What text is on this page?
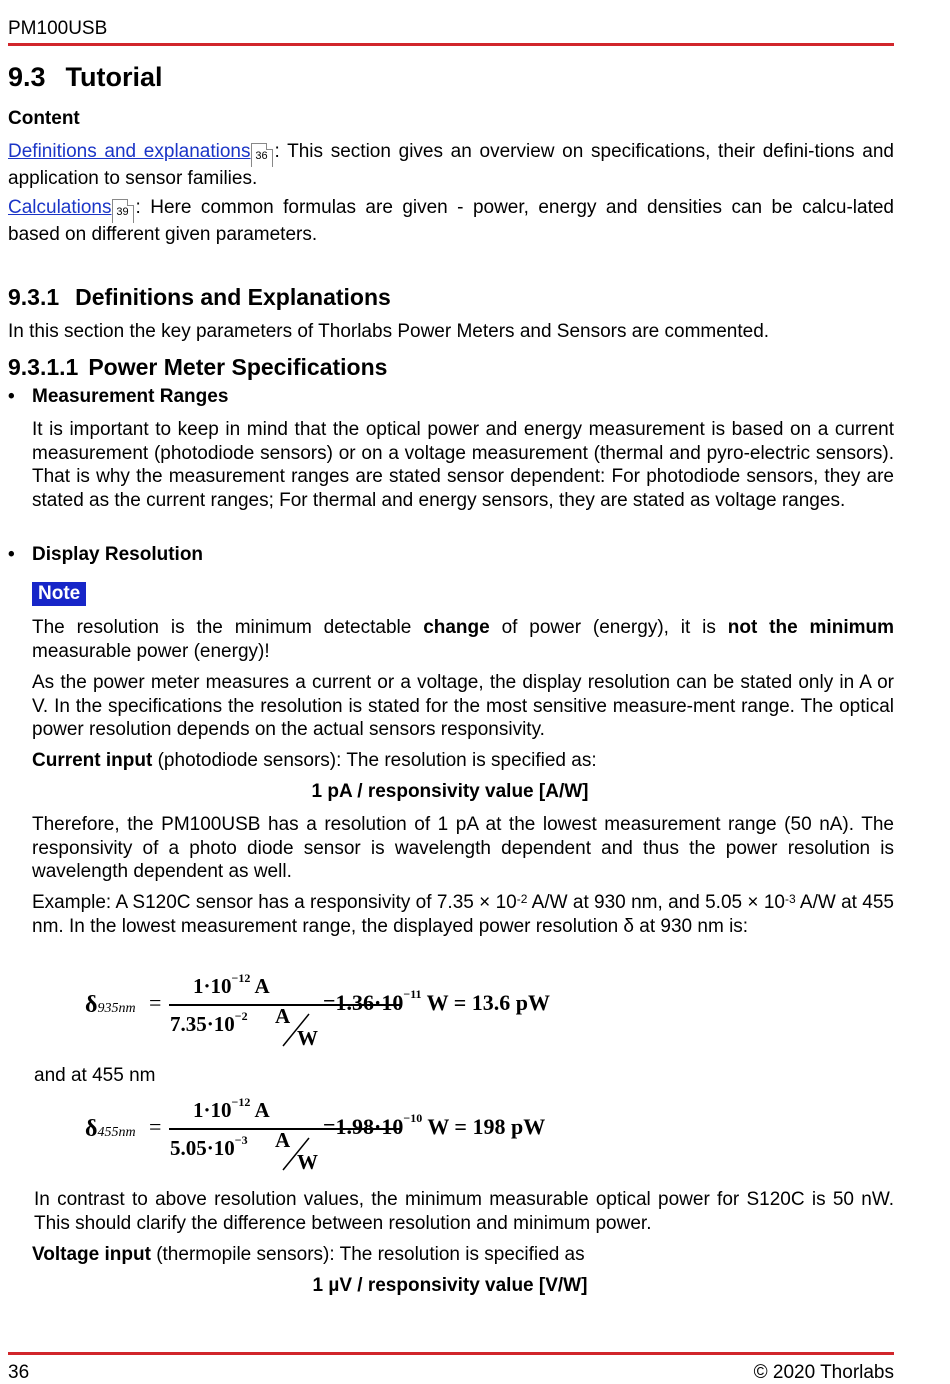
PM100USB
9.3 Tutorial
Content
Definitions and explanations 36 : This section gives an overview on specifications, their defini-tions and application to sensor families.
Calculations 39 : Here common formulas are given - power, energy and densities can be calcu-lated based on different given parameters.
9.3.1 Definitions and Explanations
In this section the key parameters of Thorlabs Power Meters and Sensors are commented.
9.3.1.1 Power Meter Specifications
• Measurement Ranges
It is important to keep in mind that the optical power and energy measurement is based on a current measurement (photodiode sensors) or on a voltage measurement (thermal and pyro-electric sensors). That is why the measurement ranges are stated sensor dependent: For photodiode sensors, they are stated as the current ranges; For thermal and energy sensors, they are stated as voltage ranges.
• Display Resolution
Note
The resolution is the minimum detectable change of power (energy), it is not the minimum measurable power (energy)!
As the power meter measures a current or a voltage, the display resolution can be stated only in A or V. In the specifications the resolution is stated for the most sensitive measure-ment range. The optical power resolution depends on the actual sensors responsivity.
Current input (photodiode sensors): The resolution is specified as:
1 pA / responsivity value [A/W]
Therefore, the PM100USB has a resolution of 1 pA at the lowest measurement range (50 nA). The responsivity of a photo diode sensor is wavelength dependent and thus the power resolution is wavelength dependent as well.
Example: A S120C sensor has a responsivity of $7.35 \times 10^{-2}$ A/W at 930 nm, and $5.05 \times 10^{-3}$ A/W at 455 nm. In the lowest measurement range, the displayed power resolution δ at 930 nm is:
δ935nm =
$1\cdot 10^{-12}$ A
$7.35\cdot 10^{-2}$ A
W
$=1.36\cdot 10^{-11}$ W = 13.6 pW
and at 455 nm
δ455nm =
$1\cdot 10^{-12}$ A
$5.05\cdot 10^{-3}$ A
W
$=1.98\cdot 10^{-10}$ W = 198 pW
In contrast to above resolution values, the minimum measurable optical power for S120C is 50 nW. This should clarify the difference between resolution and minimum power.
Voltage input (thermopile sensors): The resolution is specified as
1 µV / responsivity value [V/W]
36	© 2020 Thorlabs
